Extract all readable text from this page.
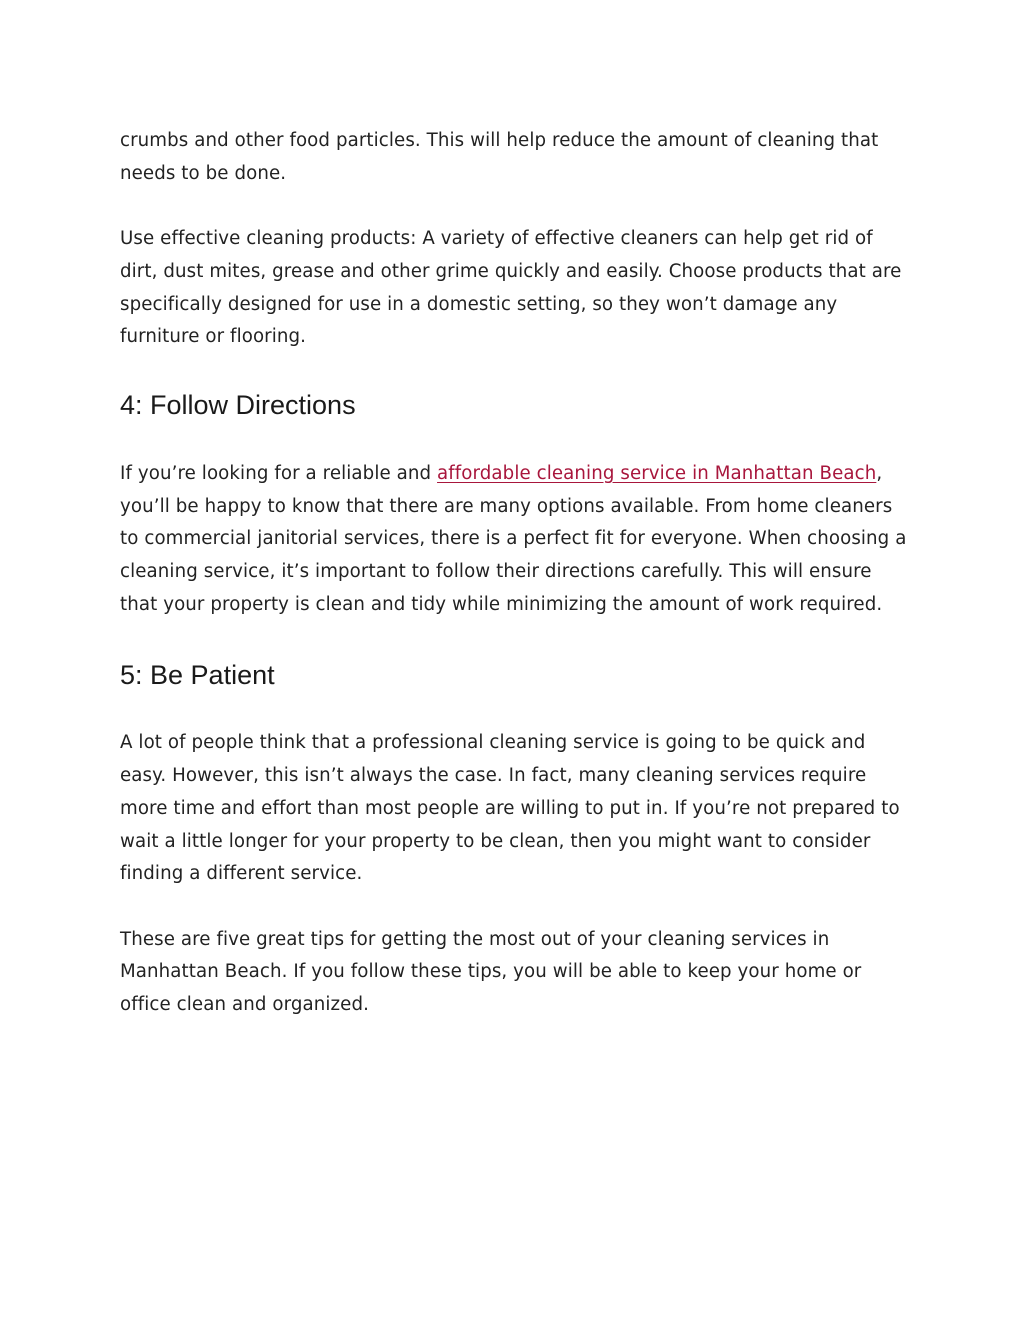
crumbs and other food particles. This will help reduce the amount of cleaning that needs to be done.

Use effective cleaning products: A variety of effective cleaners can help get rid of dirt, dust mites, grease and other grime quickly and easily. Choose products that are specifically designed for use in a domestic setting, so they won’t damage any furniture or flooring.

4: Follow Directions

If you’re looking for a reliable and affordable cleaning service in Manhattan Beach, you’ll be happy to know that there are many options available. From home cleaners to commercial janitorial services, there is a perfect fit for everyone. When choosing a cleaning service, it’s important to follow their directions carefully. This will ensure that your property is clean and tidy while minimizing the amount of work required.

5: Be Patient

A lot of people think that a professional cleaning service is going to be quick and easy. However, this isn’t always the case. In fact, many cleaning services require more time and effort than most people are willing to put in. If you’re not prepared to wait a little longer for your property to be clean, then you might want to consider finding a different service.

These are five great tips for getting the most out of your cleaning services in Manhattan Beach. If you follow these tips, you will be able to keep your home or office clean and organized.
